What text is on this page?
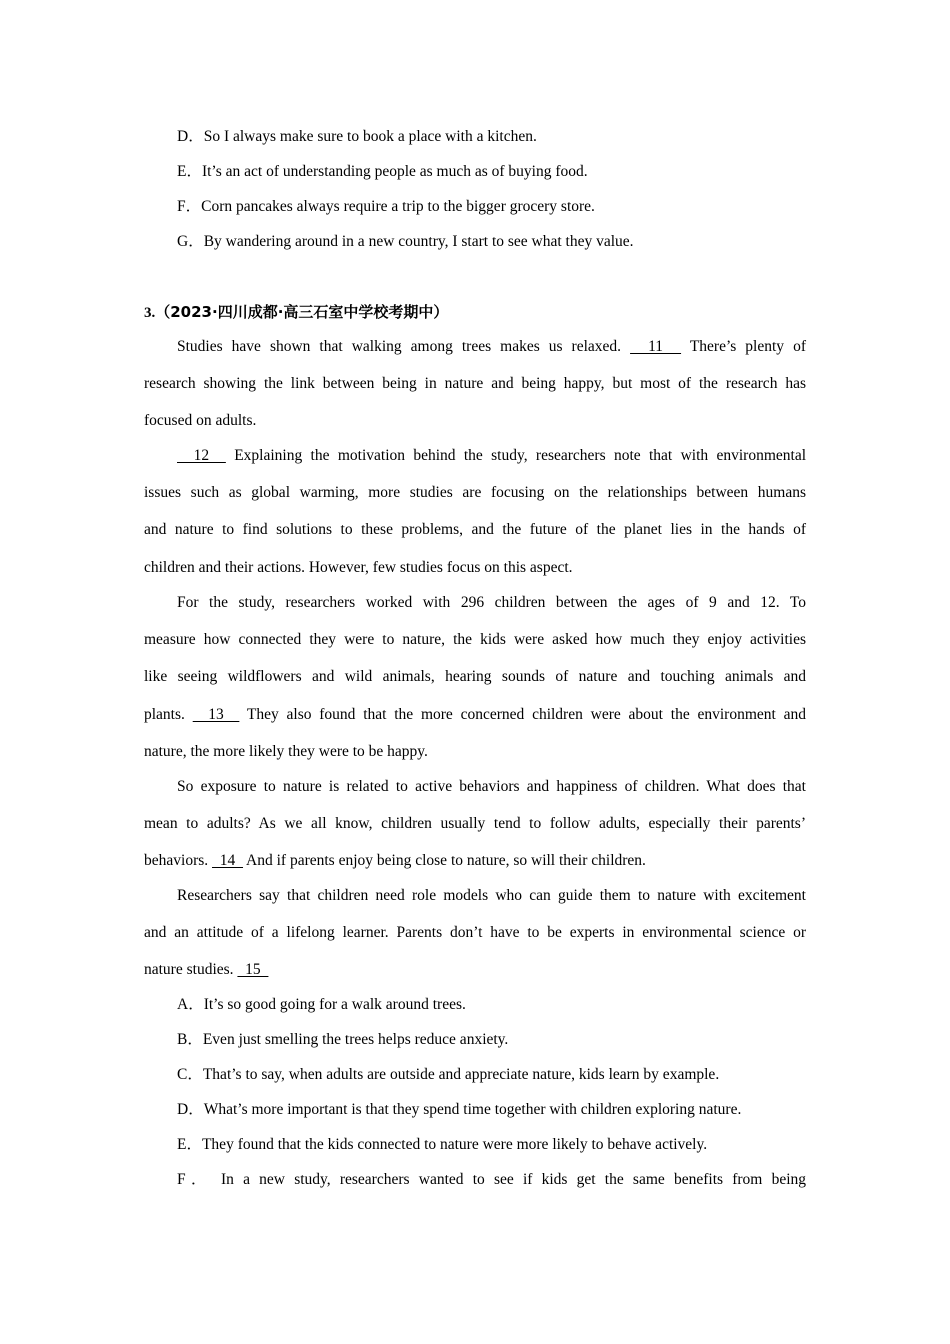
D．So I always make sure to book a place with a kitchen.
E．It’s an act of understanding people as much as of buying food.
F．Corn pancakes always require a trip to the bigger grocery store.
G．By wandering around in a new country, I start to see what they value.
3.（2023·四川成都·高三石室中学校考期中）
Studies have shown that walking among trees makes us relaxed.   11   There’s plenty of
research showing the link between being in nature and being happy, but most of the research has
focused on adults.
12   Explaining the motivation behind the study, researchers note that with environmental
issues such as global warming, more studies are focusing on the relationships between humans
and nature to find solutions to these problems, and the future of the planet lies in the hands of
children and their actions. However, few studies focus on this aspect.
For the study, researchers worked with 296 children between the ages of 9 and 12. To
measure how connected they were to nature, the kids were asked how much they enjoy activities
like seeing wildflowers and wild animals, hearing sounds of nature and touching animals and
plants.   13   They also found that the more concerned children were about the environment and
nature, the more likely they were to be happy.
So exposure to nature is related to active behaviors and happiness of children. What does that
mean to adults? As we all know, children usually tend to follow adults, especially their parents’
behaviors.   14   And if parents enjoy being close to nature, so will their children.
Researchers say that children need role models who can guide them to nature with excitement
and an attitude of a lifelong learner. Parents don’t have to be experts in environmental science or
nature studies.   15
A．It’s so good going for a walk around trees.
B．Even just smelling the trees helps reduce anxiety.
C．That’s to say, when adults are outside and appreciate nature, kids learn by example.
D．What’s more important is that they spend time together with children exploring nature.
E．They found that the kids connected to nature were more likely to behave actively.
F． In a new study, researchers wanted to see if kids get the same benefits from being
